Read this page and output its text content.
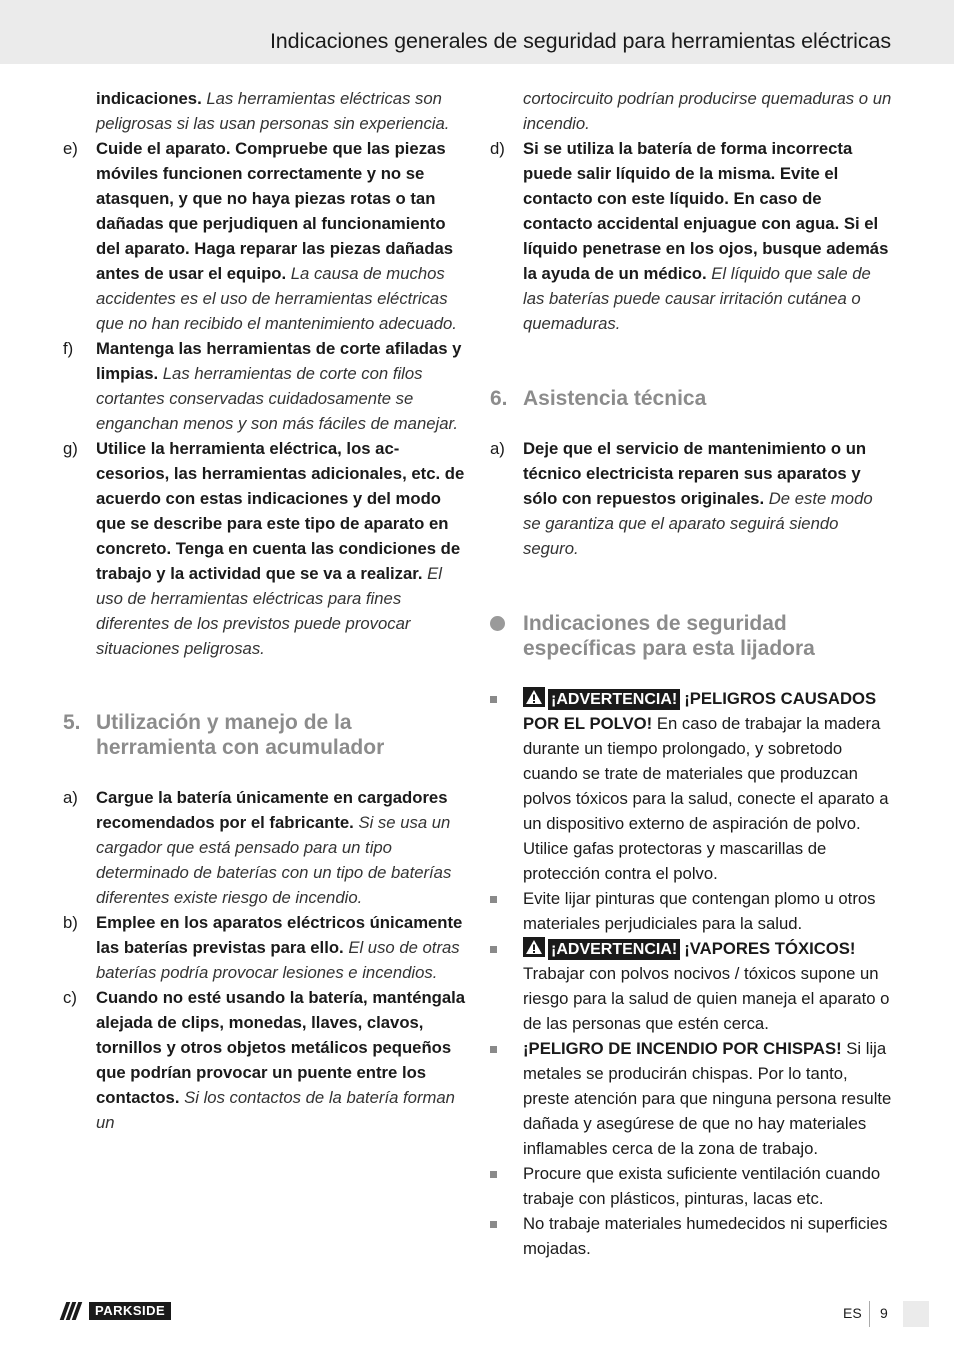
Indicaciones generales de seguridad para herramientas eléctricas
indicaciones. Las herramientas eléctricas son peligrosas si las usan personas sin experiencia.
e) Cuide el aparato. Compruebe que las piezas móviles funcionen correctamente y no se atasquen, y que no haya piezas rotas o tan dañadas que perjudiquen al funcionamiento del aparato. Haga reparar las piezas dañadas antes de usar el equipo. La causa de muchos accidentes es el uso de herramientas eléctricas que no han recibido el mantenimiento adecuado.
f) Mantenga las herramientas de corte afiladas y limpias. Las herramientas de corte con filos cortantes conservadas cuidadosamente se enganchan menos y son más fáciles de manejar.
g) Utilice la herramienta eléctrica, los accesorios, las herramientas adicionales, etc. de acuerdo con estas indicaciones y del modo que se describe para este tipo de aparato en concreto. Tenga en cuenta las condiciones de trabajo y la actividad que se va a realizar. El uso de herramientas eléctricas para fines diferentes de los previstos puede provocar situaciones peligrosas.
5. Utilización y manejo de la herramienta con acumulador
a) Cargue la batería únicamente en cargadores recomendados por el fabricante. Si se usa un cargador que está pensado para un tipo determinado de baterías con un tipo de baterías diferentes existe riesgo de incendio.
b) Emplee en los aparatos eléctricos únicamente las baterías previstas para ello. El uso de otras baterías podría provocar lesiones e incendios.
c) Cuando no esté usando la batería, manténgala alejada de clips, monedas, llaves, clavos, tornillos y otros objetos metálicos pequeños que podrían provocar un puente entre los contactos. Si los contactos de la batería forman un
cortocircuito podrían producirse quemaduras o un incendio.
d) Si se utiliza la batería de forma incorrecta puede salir líquido de la misma. Evite el contacto con este líquido. En caso de contacto accidental enjuague con agua. Si el líquido penetrase en los ojos, busque además la ayuda de un médico. El líquido que sale de las baterías puede causar irritación cutánea o quemaduras.
6. Asistencia técnica
a) Deje que el servicio de mantenimiento o un técnico electricista reparen sus aparatos y sólo con repuestos originales. De este modo se garantiza que el aparato seguirá siendo seguro.
Indicaciones de seguridad específicas para esta lijadora
¡ADVERTENCIA! ¡PELIGROS CAUSADOS POR EL POLVO! En caso de trabajar la madera durante un tiempo prolongado, y sobretodo cuando se trate de materiales que produzcan polvos tóxicos para la salud, conecte el aparato a un dispositivo externo de aspiración de polvo. Utilice gafas protectoras y mascarillas de protección contra el polvo.
Evite lijar pinturas que contengan plomo u otros materiales perjudiciales para la salud.
¡ADVERTENCIA! ¡VAPORES TÓXICOS! Trabajar con polvos nocivos / tóxicos supone un riesgo para la salud de quien maneja el aparato o de las personas que estén cerca.
¡PELIGRO DE INCENDIO POR CHISPAS! Si lija metales se producirán chispas. Por lo tanto, preste atención para que ninguna persona resulte dañada y asegúrese de que no hay materiales inflamables cerca de la zona de trabajo.
Procure que exista suficiente ventilación cuando trabaje con plásticos, pinturas, lacas etc.
No trabaje materiales humedecidos ni superficies mojadas.
PARKSIDE	ES 9
